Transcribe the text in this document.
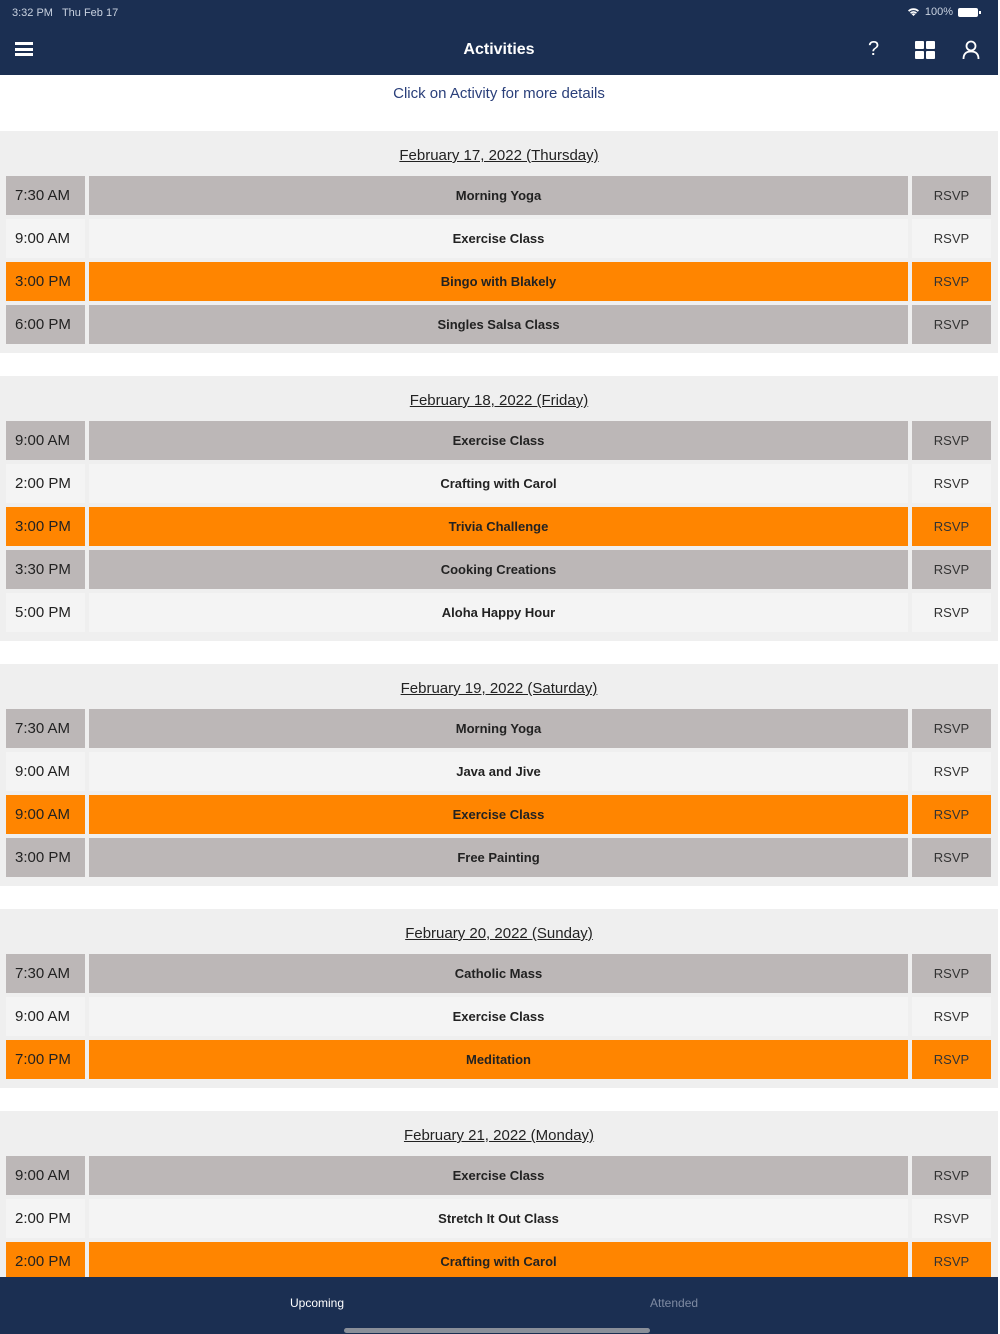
3:32 PM Thu Feb 17	100%
Activities	?
Click on Activity for more details
February 17, 2022 (Thursday)
7:30 AM	Morning Yoga	RSVP
9:00 AM	Exercise Class	RSVP
3:00 PM	Bingo with Blakely	RSVP
6:00 PM	Singles Salsa Class	RSVP
February 18, 2022 (Friday)
9:00 AM	Exercise Class	RSVP
2:00 PM	Crafting with Carol	RSVP
3:00 PM	Trivia Challenge	RSVP
3:30 PM	Cooking Creations	RSVP
5:00 PM	Aloha Happy Hour	RSVP
February 19, 2022 (Saturday)
7:30 AM	Morning Yoga	RSVP
9:00 AM	Java and Jive	RSVP
9:00 AM	Exercise Class	RSVP
3:00 PM	Free Painting	RSVP
February 20, 2022 (Sunday)
7:30 AM	Catholic Mass	RSVP
9:00 AM	Exercise Class	RSVP
7:00 PM	Meditation	RSVP
February 21, 2022 (Monday)
9:00 AM	Exercise Class	RSVP
2:00 PM	Stretch It Out Class	RSVP
2:00 PM	Crafting with Carol	RSVP
Upcoming	Attended
